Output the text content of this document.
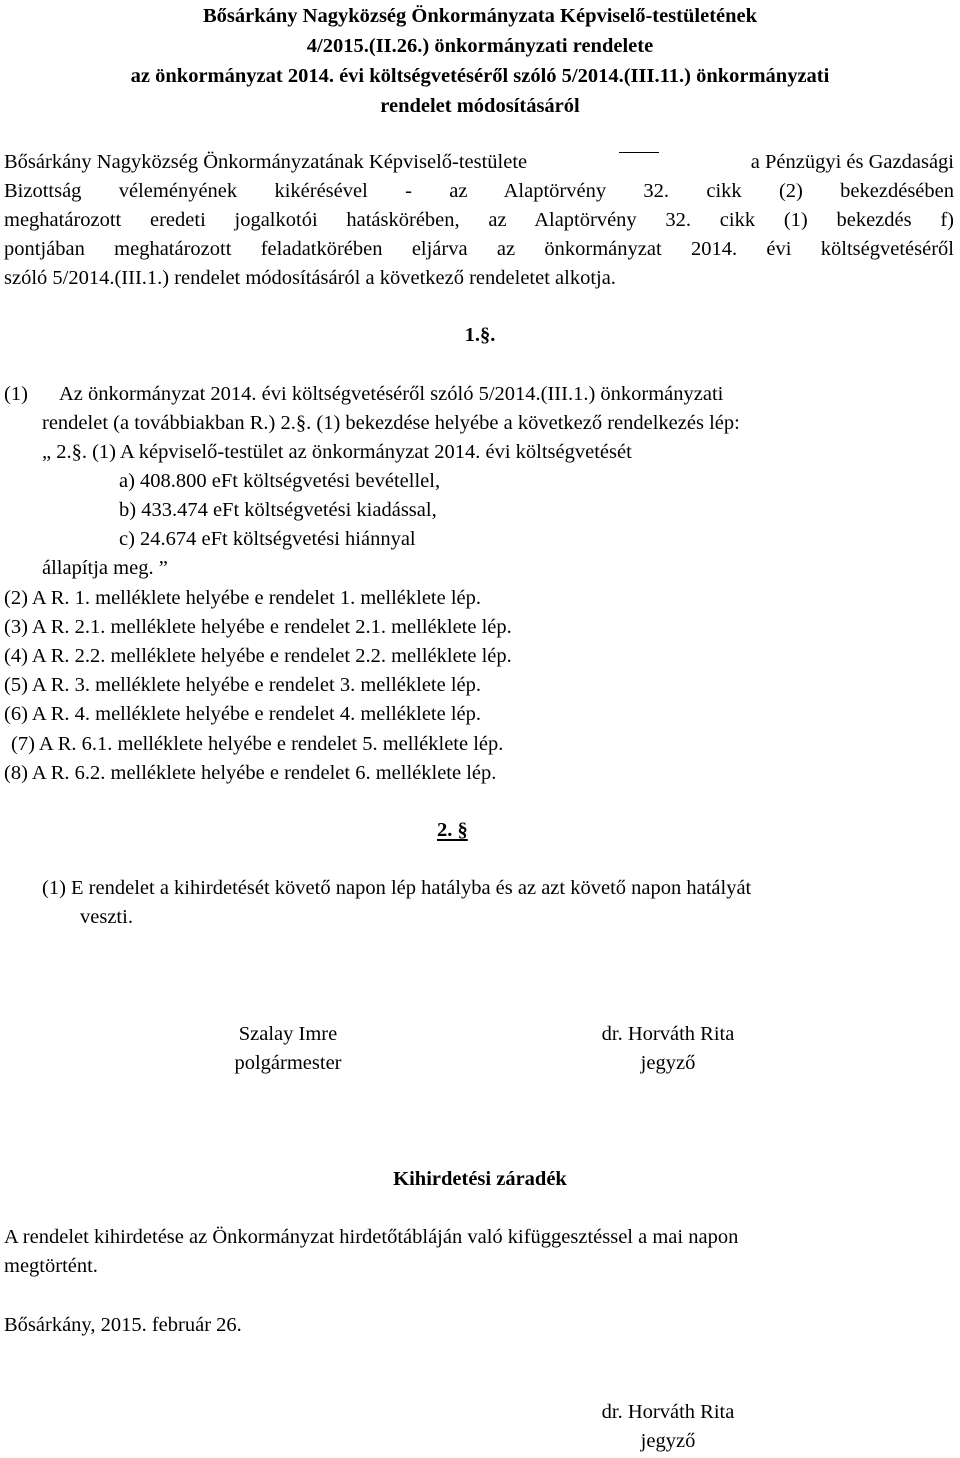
Bősárkány Nagyközség Önkormányzata Képviselő-testületének
4/2015.(II.26.) önkormányzati rendelete
az önkormányzat 2014. évi költségvetéséről szóló 5/2014.(III.11.) önkormányzati
rendelet módosításáról
Bősárkány Nagyközség Önkormányzatának Képviselő-testülete	a Pénzügyi és Gazdasági
Bizottság véleményének kikérésével - az Alaptörvény 32. cikk (2) bekezdésében
meghatározott eredeti jogalkotói hatáskörében, az Alaptörvény 32. cikk (1) bekezdés f)
pontjában meghatározott feladatkörében eljárva az önkormányzat 2014. évi költségvetéséről
szóló 5/2014.(III.1.) rendelet módosításáról a következő rendeletet alkotja.
1.§.
(1) Az önkormányzat 2014. évi költségvetéséről szóló 5/2014.(III.1.) önkormányzati
rendelet (a továbbiakban R.) 2.§. (1) bekezdése helyébe a következő rendelkezés lép:
„ 2.§. (1) A képviselő-testület az önkormányzat 2014. évi költségvetését
a) 408.800 eFt költségvetési bevétellel,
b) 433.474 eFt költségvetési kiadással,
c) 24.674 eFt költségvetési hiánnyal
állapítja meg. ”
(2) A R. 1. melléklete helyébe e rendelet 1. melléklete lép.
(3) A R. 2.1. melléklete helyébe e rendelet 2.1. melléklete lép.
(4) A R. 2.2. melléklete helyébe e rendelet 2.2. melléklete lép.
(5) A R. 3. melléklete helyébe e rendelet 3. melléklete lép.
(6) A R. 4. melléklete helyébe e rendelet 4. melléklete lép.
(7) A R. 6.1. melléklete helyébe e rendelet 5. melléklete lép.
(8) A R. 6.2. melléklete helyébe e rendelet 6. melléklete lép.
2. §
(1) E rendelet a kihirdetését követő napon lép hatályba és az azt követő napon hatályát
veszti.
Szalay Imre
polgármester
dr. Horváth Rita
jegyző
Kihirdetési záradék
A rendelet kihirdetése az Önkormányzat hirdetőtábláján való kifüggesztéssel a mai napon
megtörtént.
Bősárkány, 2015. február 26.
dr. Horváth Rita
jegyző
